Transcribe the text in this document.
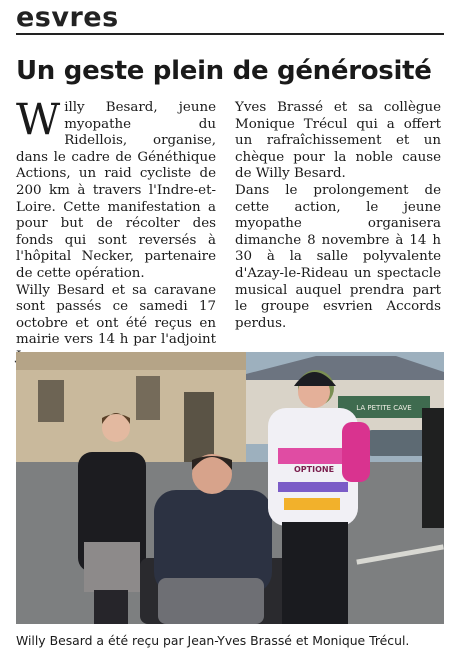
esvres
Un geste plein de générosité

Willy Besard, jeune myopathe du Ridellois, organise, dans le cadre de Généthique Actions, un raid cycliste de 200 km à travers l'Indre-et-Loire. Cette manifestation a pour but de récolter des fonds qui sont reversés à l'hôpital Necker, partenaire de cette opération.

Willy Besard et sa caravane sont passés ce samedi 17 octobre et ont été reçus en mairie vers 14 h par l'adjoint

Yves Brassé et sa collègue Monique Trécul qui a offert un rafraîchissement et un chèque pour la noble cause de Willy Besard.

Dans le prolongement de cette action, le jeune myopathe organisera dimanche 8 novembre à 14 h 30 à la salle polyvalente d'Azay-le-Rideau un spectacle musical auquel prendra part le groupe esvrien Accords perdus.

LA PETITE CAVE
OPTIONE
Willy Besard a été reçu par Jean-Yves Brassé et Monique Trécul.
